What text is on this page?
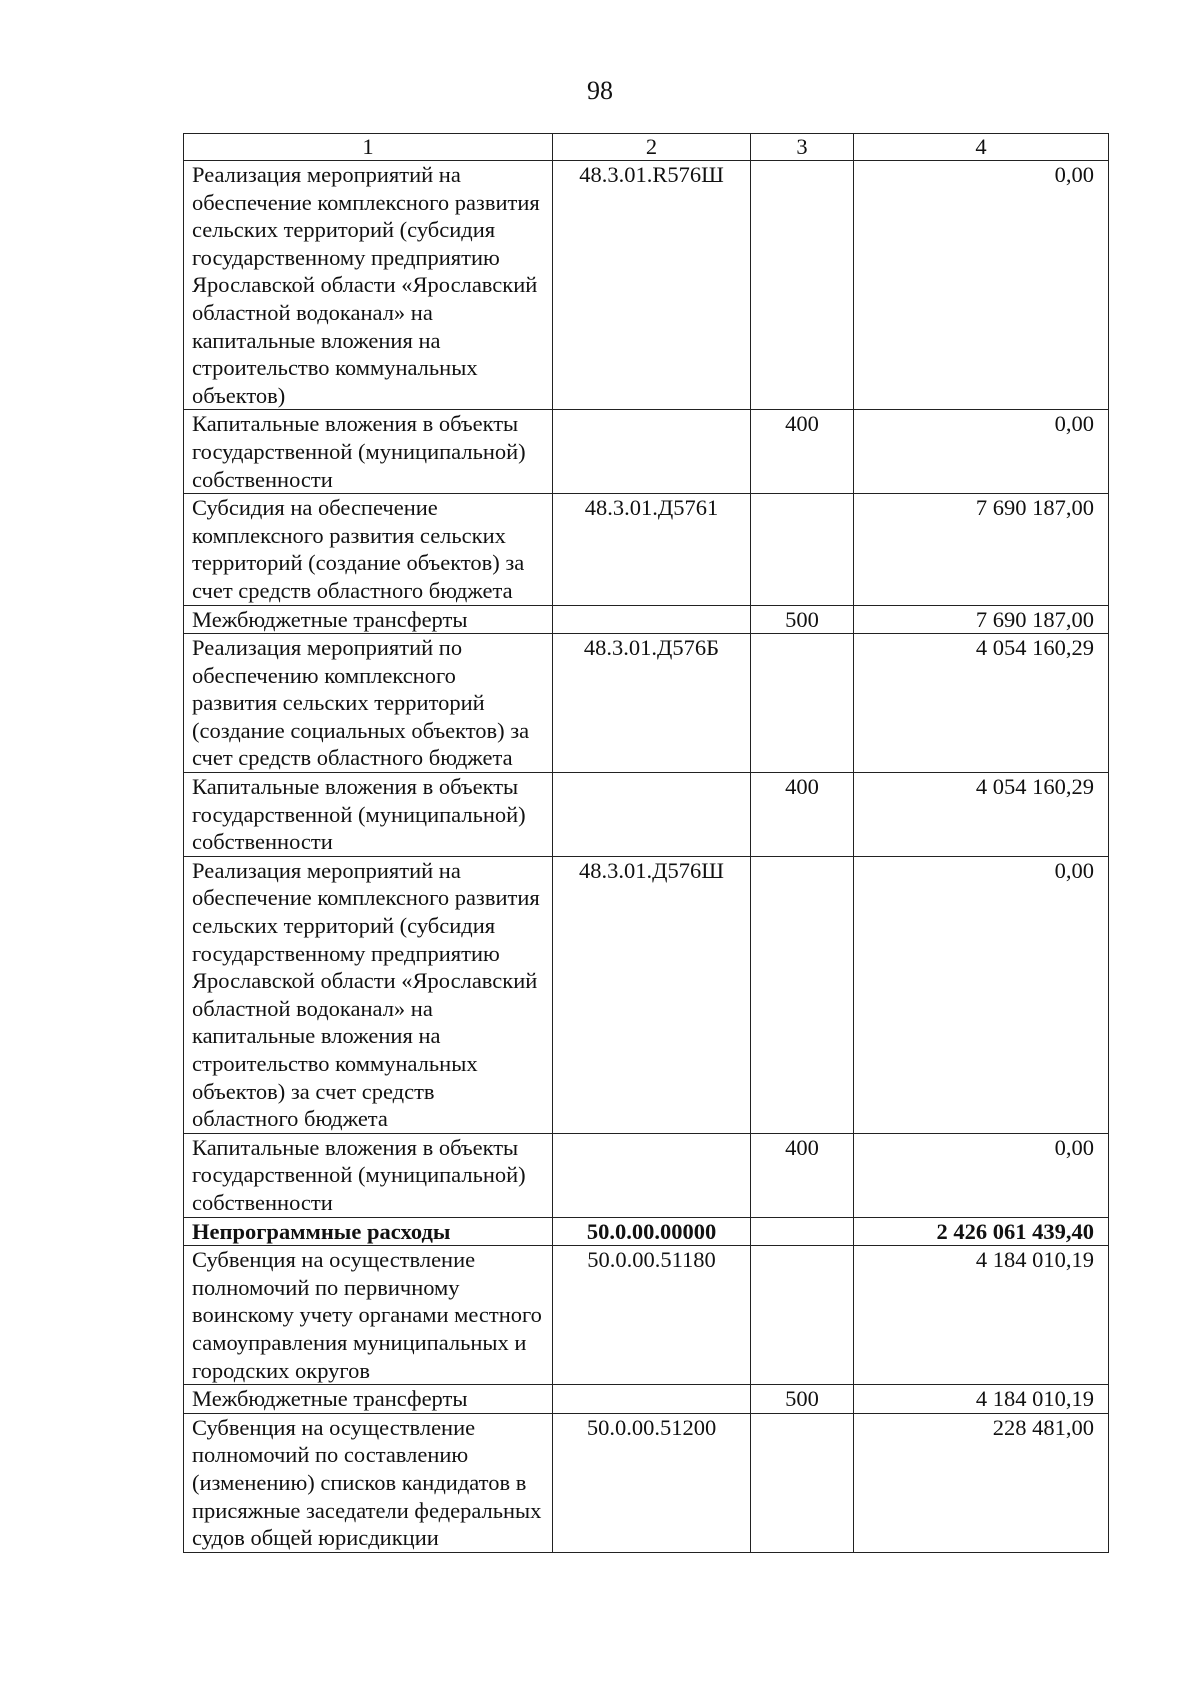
98
1	2	3	4
Реализация мероприятий на обеспечение комплексного развития сельских территорий (субсидия государственному предприятию Ярославской области «Ярославский областной водоканал» на капитальные вложения на строительство коммунальных объектов)	48.3.01.R576Ш		0,00
Капитальные вложения в объекты государственной (муниципальной) собственности		400	0,00
Субсидия на обеспечение комплексного развития сельских территорий (создание объектов) за счет средств областного бюджета	48.3.01.Д5761		7 690 187,00
Межбюджетные трансферты		500	7 690 187,00
Реализация мероприятий по обеспечению комплексного развития сельских территорий (создание социальных объектов) за счет средств областного бюджета	48.3.01.Д576Б		4 054 160,29
Капитальные вложения в объекты государственной (муниципальной) собственности		400	4 054 160,29
Реализация мероприятий на обеспечение комплексного развития сельских территорий (субсидия государственному предприятию Ярославской области «Ярославский областной водоканал» на капитальные вложения на строительство коммунальных объектов) за счет средств областного бюджета	48.3.01.Д576Ш		0,00
Капитальные вложения в объекты государственной (муниципальной) собственности		400	0,00
Непрограммные расходы	50.0.00.00000		2 426 061 439,40
Субвенция на осуществление полномочий по первичному воинскому учету органами местного самоуправления муниципальных и городских округов	50.0.00.51180		4 184 010,19
Межбюджетные трансферты		500	4 184 010,19
Субвенция на осуществление полномочий по составлению (изменению) списков кандидатов в присяжные заседатели федеральных судов общей юрисдикции	50.0.00.51200		228 481,00
